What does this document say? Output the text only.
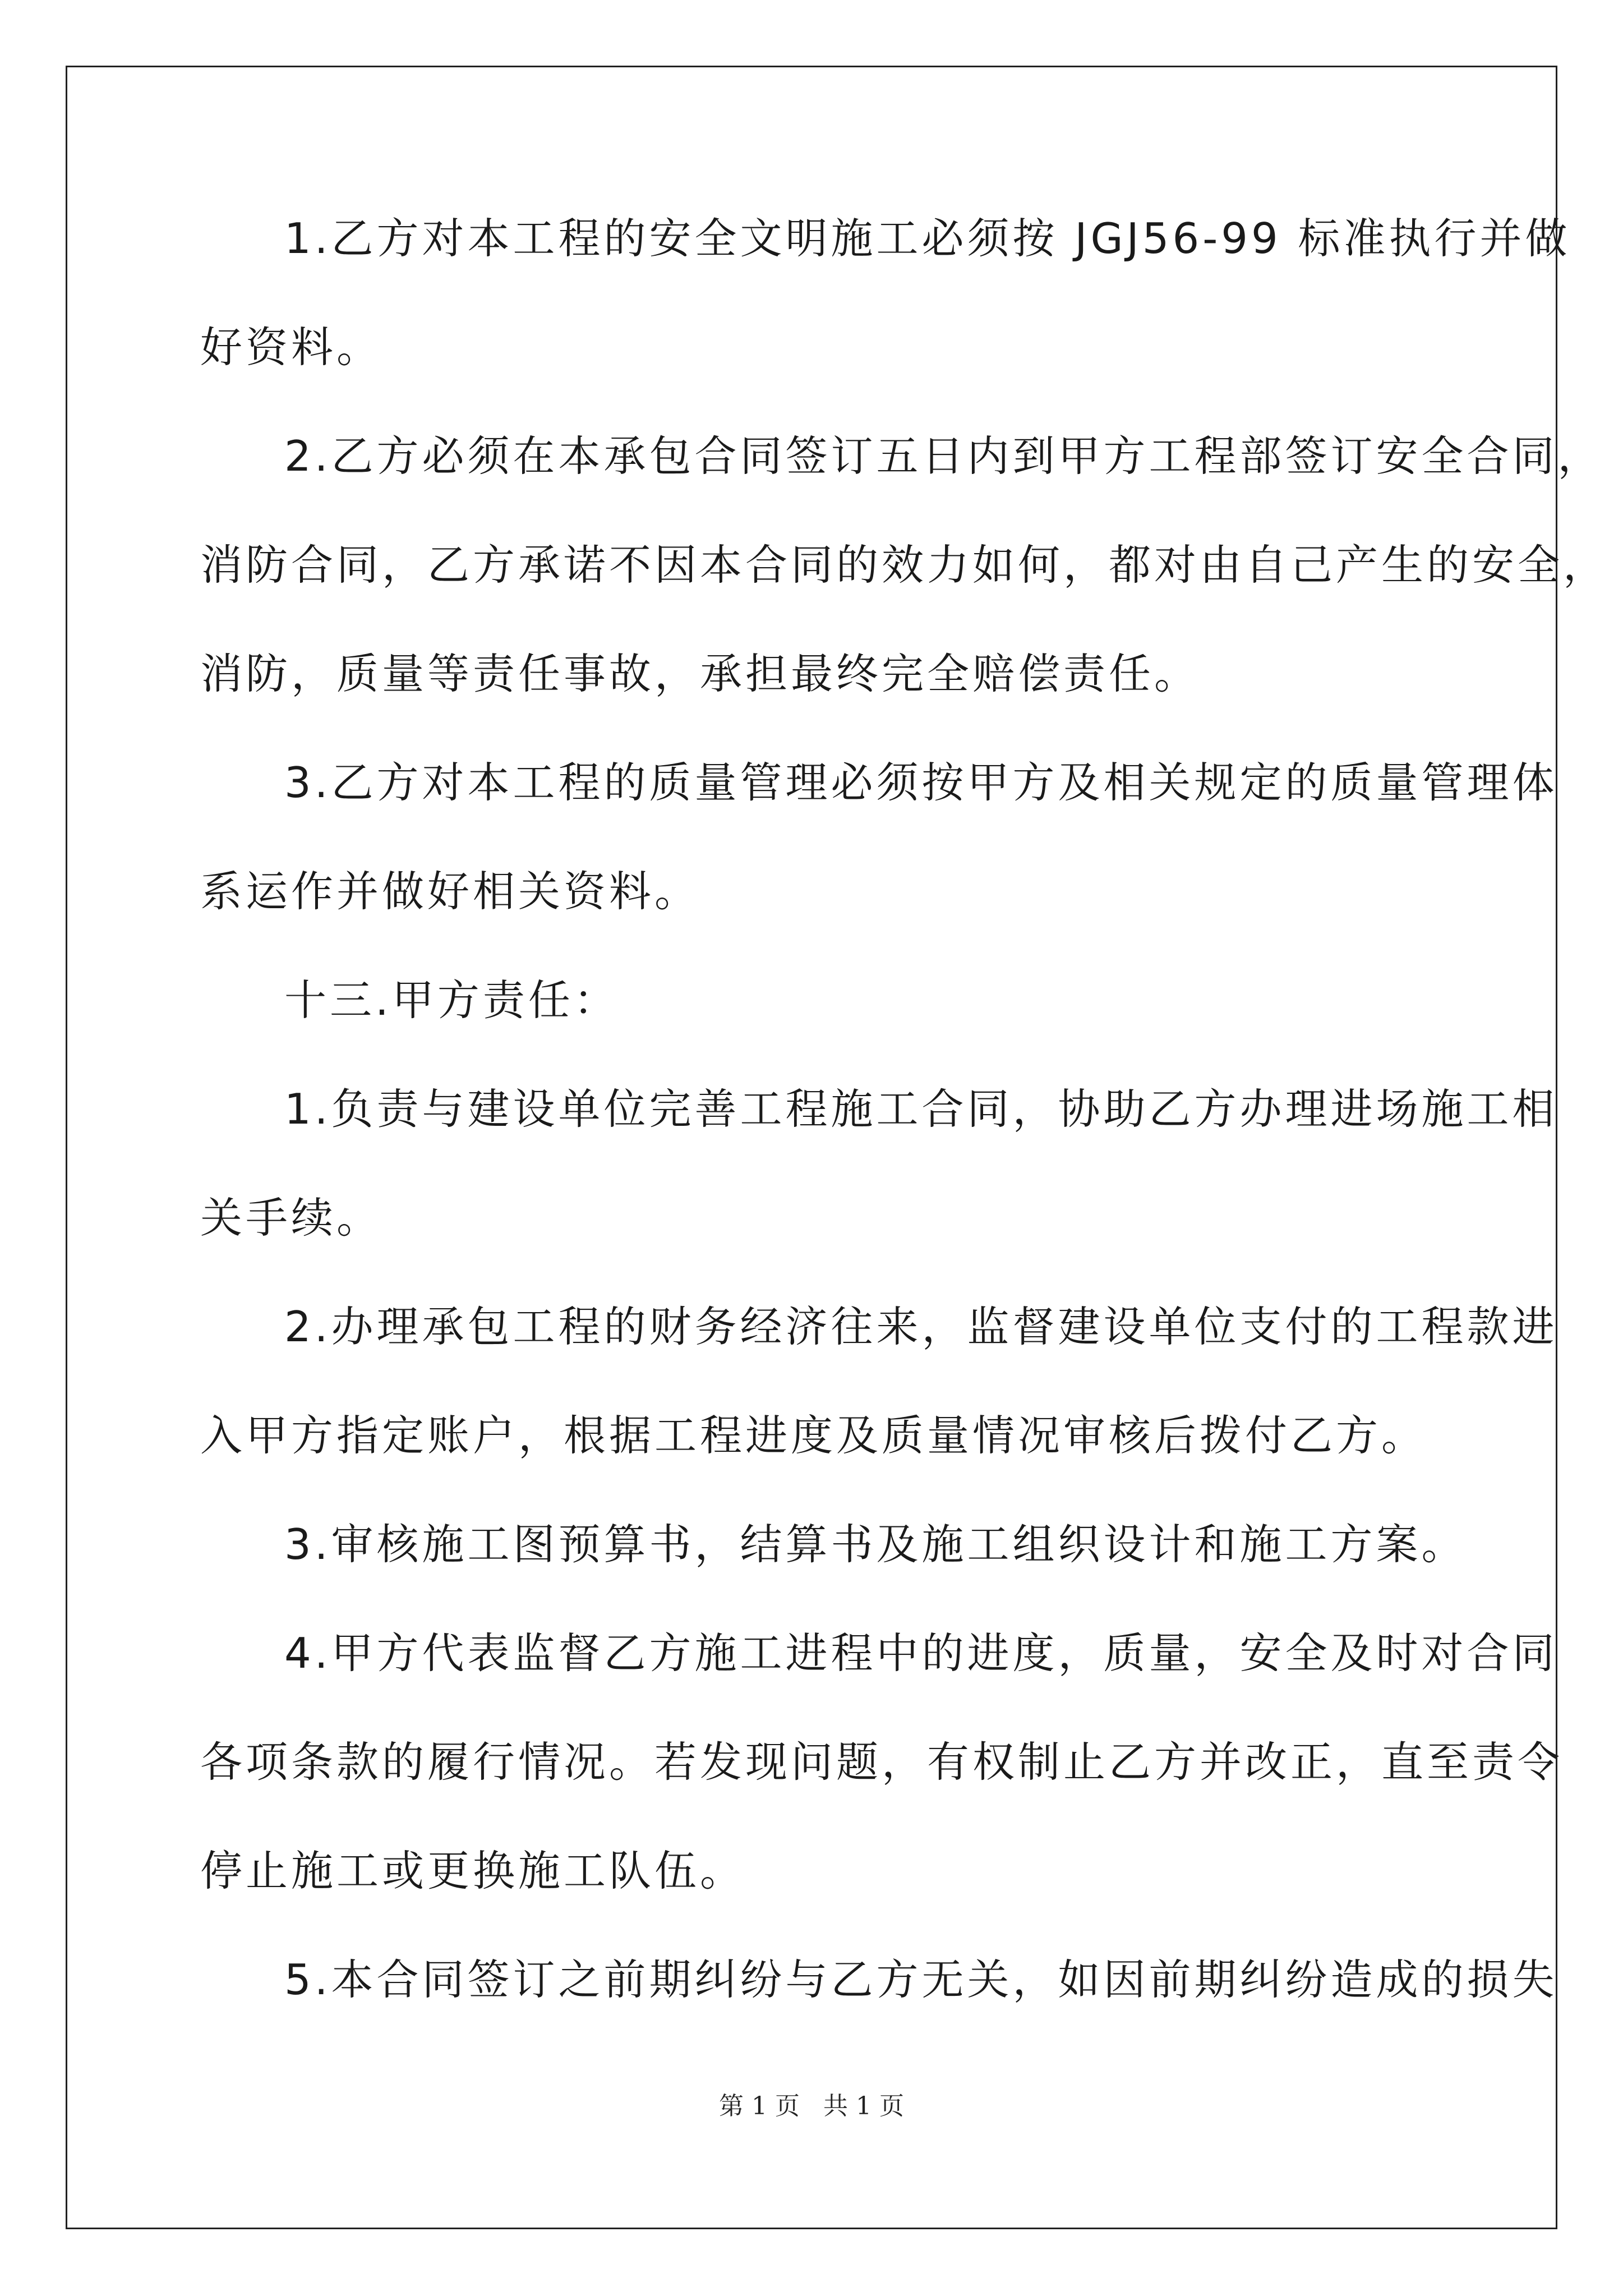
1.乙方对本工程的安全文明施工必须按 JGJ56-99 标准执行并做
好资料。
2.乙方必须在本承包合同签订五日内到甲方工程部签订安全合同，
消防合同，乙方承诺不因本合同的效力如何，都对由自己产生的安全，
消防，质量等责任事故，承担最终完全赔偿责任。
3.乙方对本工程的质量管理必须按甲方及相关规定的质量管理体
系运作并做好相关资料。
十三.甲方责任：
1.负责与建设单位完善工程施工合同，协助乙方办理进场施工相
关手续。
2.办理承包工程的财务经济往来，监督建设单位支付的工程款进
入甲方指定账户，根据工程进度及质量情况审核后拨付乙方。
3.审核施工图预算书，结算书及施工组织设计和施工方案。
4.甲方代表监督乙方施工进程中的进度，质量，安全及时对合同
各项条款的履行情况。若发现问题，有权制止乙方并改正，直至责令
停止施工或更换施工队伍。
5.本合同签订之前期纠纷与乙方无关，如因前期纠纷造成的损失
第 1 页 共 1 页
